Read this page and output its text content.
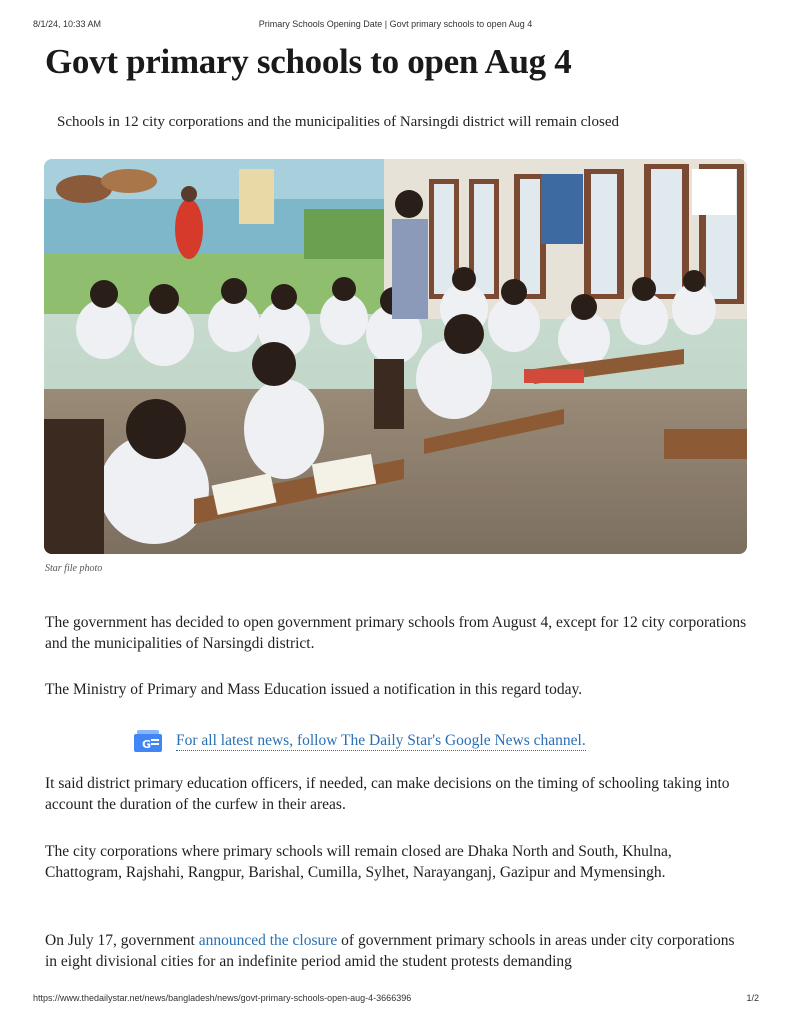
8/1/24, 10:33 AM	Primary Schools Opening Date | Govt primary schools to open Aug 4
Govt primary schools to open Aug 4

Schools in 12 city corporations and the municipalities of Narsingdi district will remain closed

Star file photo

The government has decided to open government primary schools from August 4, except for 12 city corporations and the municipalities of Narsingdi district.

The Ministry of Primary and Mass Education issued a notification in this regard today.

G For all latest news, follow The Daily Star's Google News channel.

It said district primary education officers, if needed, can make decisions on the timing of schooling taking into account the duration of the curfew in their areas.

The city corporations where primary schools will remain closed are Dhaka North and South, Khulna, Chattogram, Rajshahi, Rangpur, Barishal, Cumilla, Sylhet, Narayanganj, Gazipur and Mymensingh.

On July 17, government announced the closure of government primary schools in areas under city corporations in eight divisional cities for an indefinite period amid the student protests demanding

https://www.thedailystar.net/news/bangladesh/news/govt-primary-schools-open-aug-4-3666396	1/2
